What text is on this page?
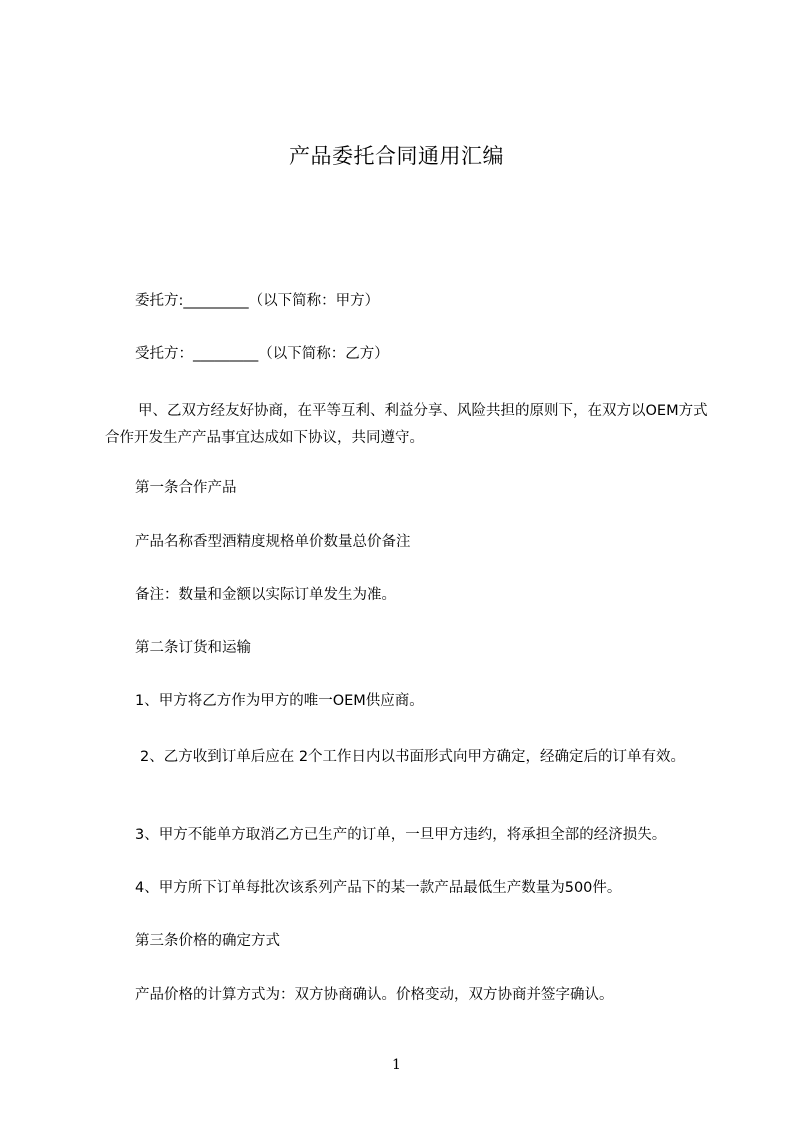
产品委托合同通用汇编
委托方:_________（以下简称：甲方）
受托方：_________（以下简称：乙方）
甲、乙双方经友好协商，在平等互利、利益分享、风险共担的原则下，在双方以OEM方式合作开发生产产品事宜达成如下协议，共同遵守。
第一条合作产品
产品名称香型酒精度规格单价数量总价备注
备注：数量和金额以实际订单发生为准。
第二条订货和运输
1、甲方将乙方作为甲方的唯一OEM供应商。
2、乙方收到订单后应在 2个工作日内以书面形式向甲方确定，经确定后的订单有效。
3、甲方不能单方取消乙方已生产的订单，一旦甲方违约，将承担全部的经济损失。
4、甲方所下订单每批次该系列产品下的某一款产品最低生产数量为500件。
第三条价格的确定方式
产品价格的计算方式为：双方协商确认。价格变动，双方协商并签字确认。
1
